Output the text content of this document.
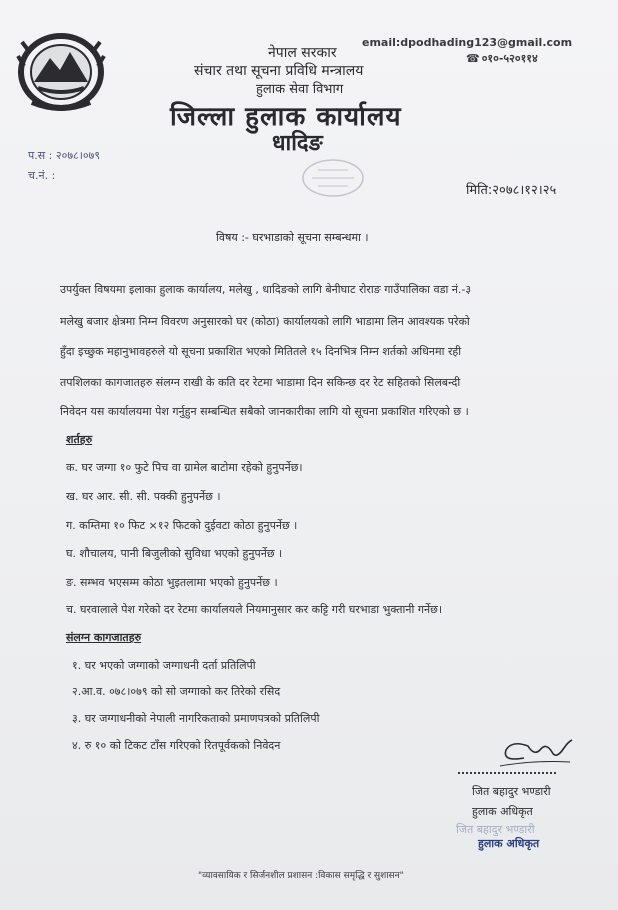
email:dpodhading123@gmail.com
☎ ०१०-५२०११४
नेपाल सरकार
संचार तथा सूचना प्रविधि मन्त्रालय
हुलाक सेवा विभाग
जिल्ला हुलाक कार्यालय
धादिङ
प.स : २०७८।०७९
च.नं. :
मिति:२०७८।१२।२५
विषय :- घरभाडाको सूचना सम्बन्धमा ।
उपर्युक्त विषयमा इलाका हुलाक कार्यालय, मलेखु , धादिङको लागि बेनीघाट रोराङ गाउँपालिका वडा नं.-३
मलेखु बजार क्षेत्रमा निम्न विवरण अनुसारको घर (कोठा) कार्यालयको लागि भाडामा लिन आवश्यक परेको
हुँदा इच्छुक महानुभावहरुले यो सूचना प्रकाशित भएको मितितले १५ दिनभित्र निम्न शर्तको अधिनमा रही
तपशिलका कागजातहरु संलग्न राखी के कति दर रेटमा भाडामा दिन सकिन्छ दर रेट सहितको सिलबन्दी
निवेदन यस कार्यालयमा पेश गर्नुहुन सम्बन्धित सबैको जानकारीका लागि यो सूचना प्रकाशित गरिएको छ ।
शर्तहरु
क. घर जग्गा १० फुटे पिच वा ग्रामेल बाटोमा रहेको हुनुपर्नेछ।
ख. घर आर. सी. सी. पक्की हुनुपर्नेछ ।
ग. कम्तिमा १० फिट ×१२ फिटको दुईवटा कोठा हुनुपर्नेछ ।
घ. शौचालय, पानी बिजुलीको सुविधा भएको हुनुपर्नेछ ।
ङ. सम्भव भएसम्म कोठा भुइतलामा भएको हुनुपर्नेछ ।
च. घरवालाले पेश गरेको दर रेटमा कार्यालयले नियमानुसार कर कट्टि गरी घरभाडा भुक्तानी गर्नेछ।
संलग्न कागजातहरु
१. घर भएको जग्गाको जग्गाधनी दर्ता प्रतिलिपी
२.आ.व. ०७८।०७९ को सो जग्गाको कर तिरेको रसिद
३. घर जग्गाधनीको नेपाली नागरिकताको प्रमाणपत्रको प्रतिलिपी
४. रु १० को टिकट टाँस गरिएको रितपूर्वकको निवेदन
जित बहादुर भण्डारी
हुलाक अधिकृत
जित बहादुर भण्डारी
हुलाक अधिकृत
"व्यावसायिक र सिर्जनशील प्रशासन :विकास समृद्धि र सुशासन"
